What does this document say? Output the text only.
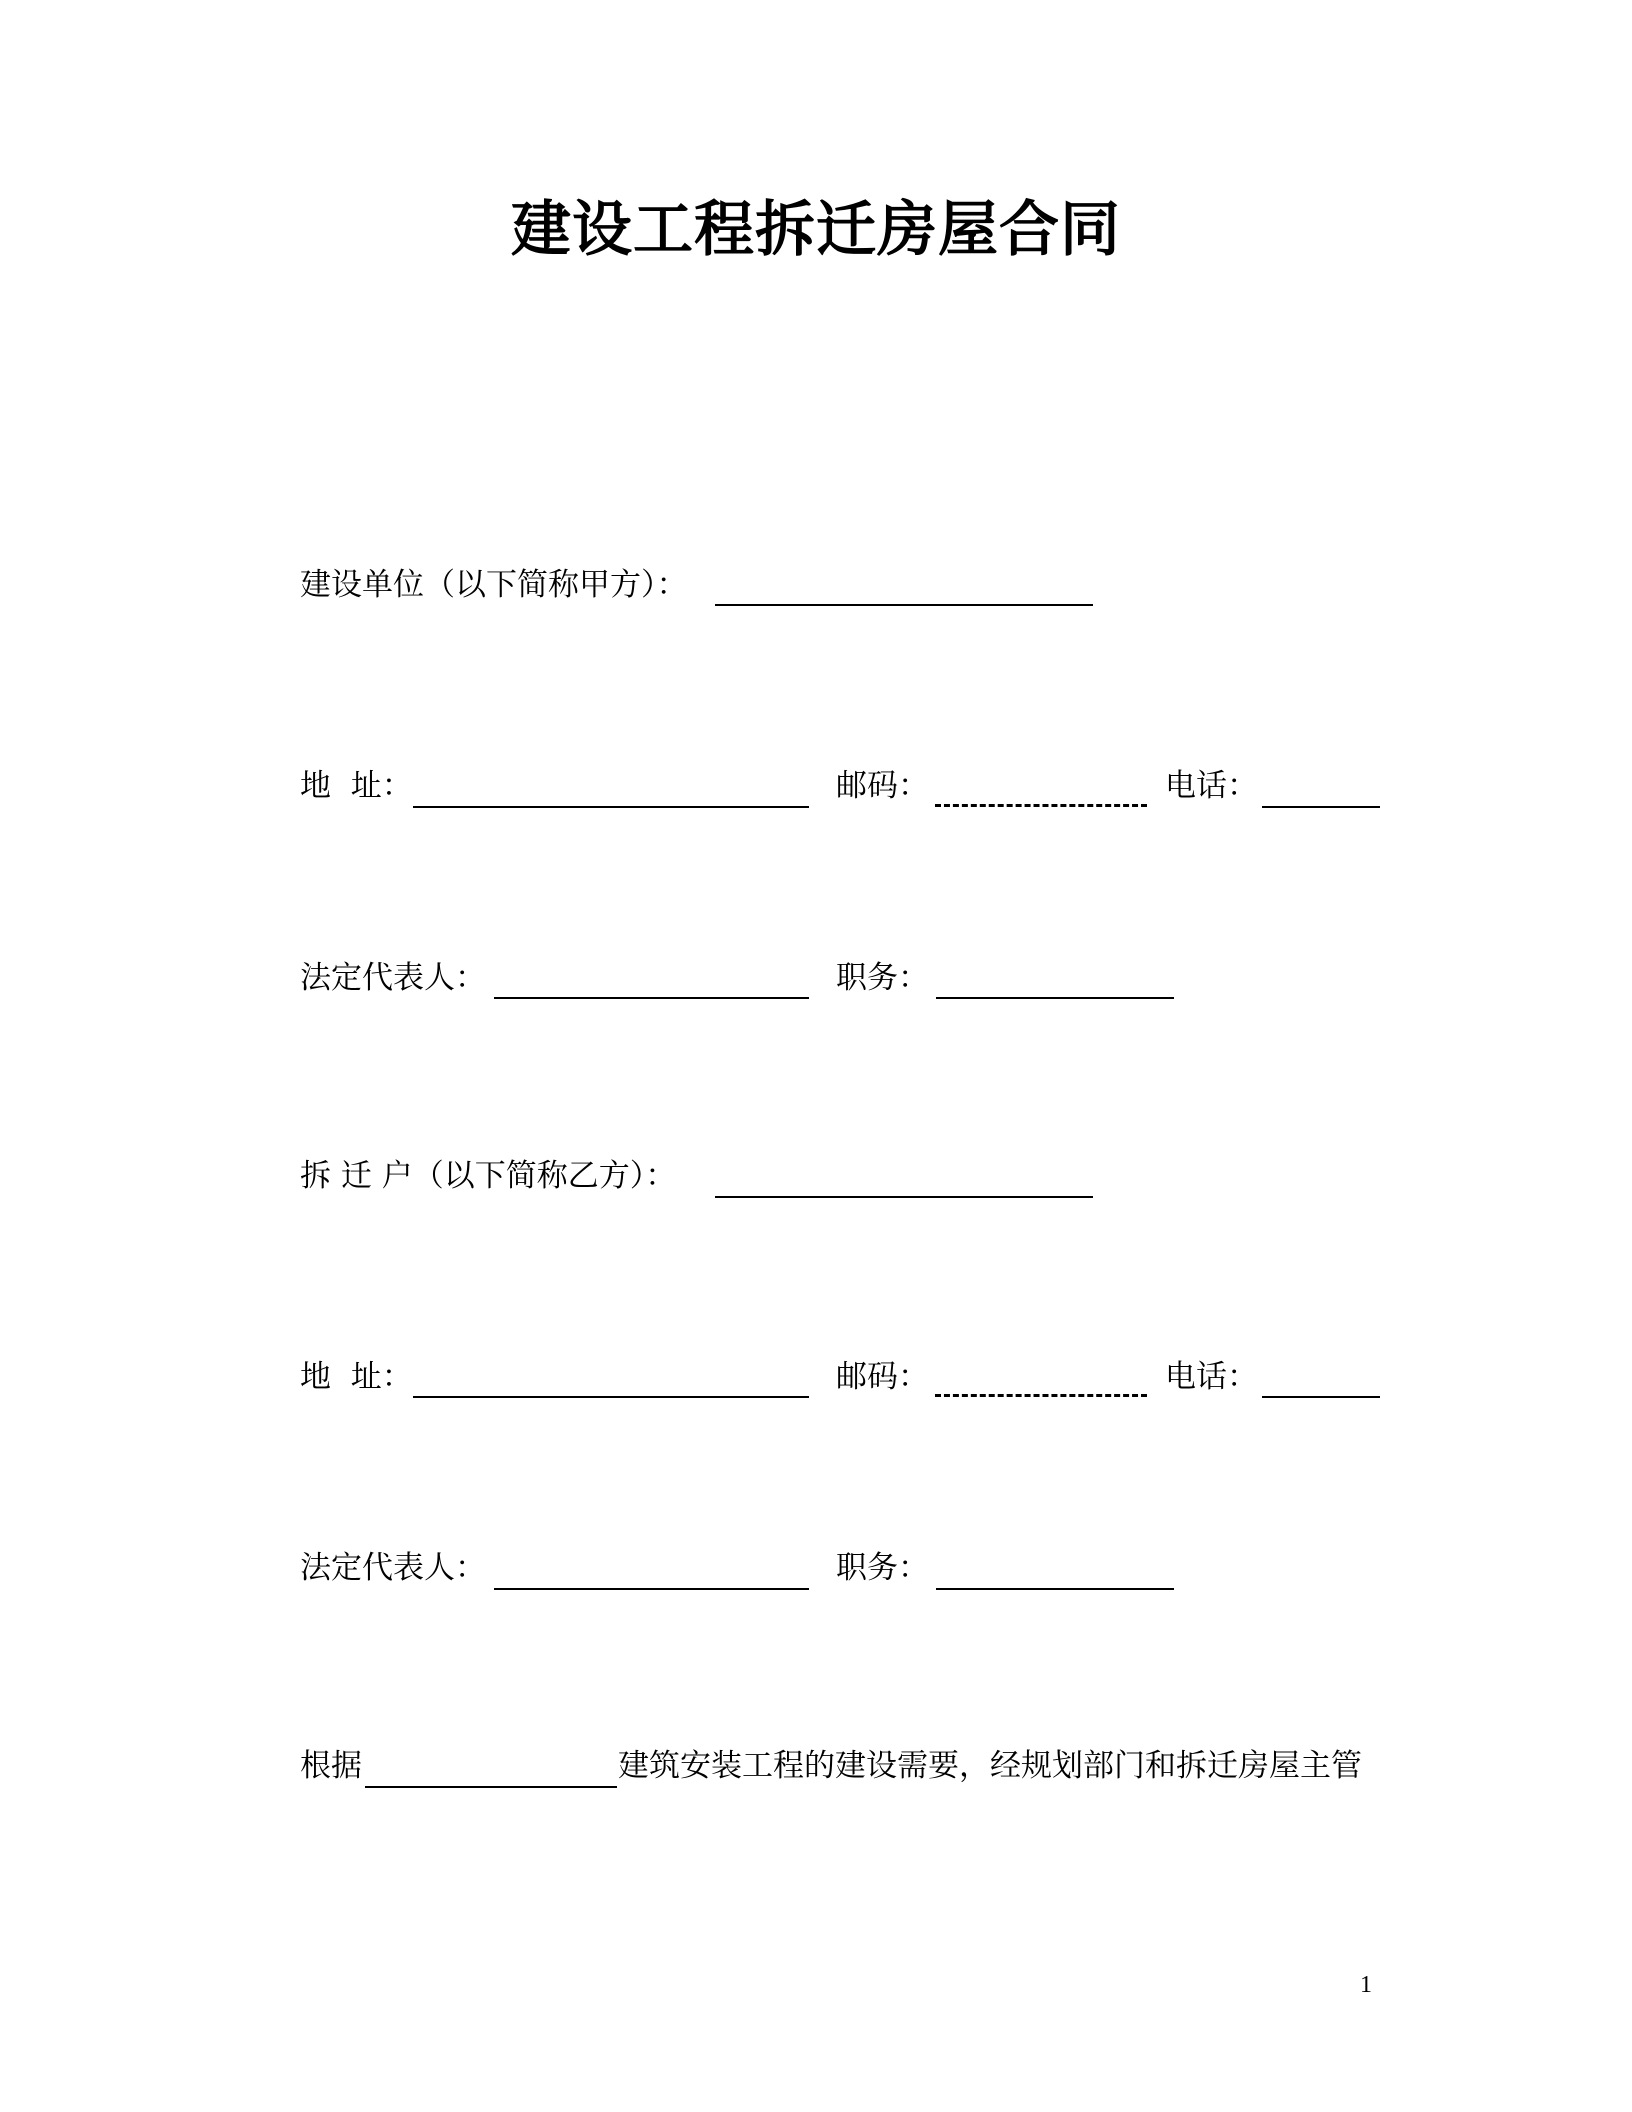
建设工程拆迁房屋合同
建设单位（以下简称甲方）：
地  址：	邮码：	电话：
法定代表人：	职务：
拆 迁 户（以下简称乙方）：
地  址：	邮码：	电话：
法定代表人：	职务：
根据	建筑安装工程的建设需要，经规划部门和拆迁房屋主管
1
